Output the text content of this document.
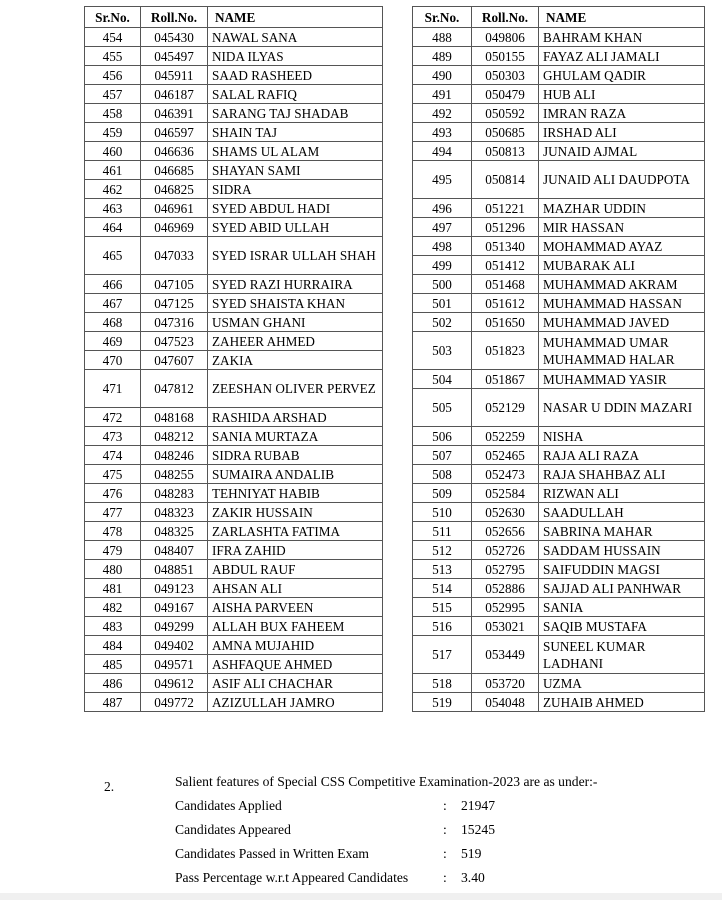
Sr.No.	Roll.No.	NAME
454	045430	NAWAL SANA
455	045497	NIDA ILYAS
456	045911	SAAD RASHEED
457	046187	SALAL RAFIQ
458	046391	SARANG TAJ SHADAB
459	046597	SHAIN TAJ
460	046636	SHAMS UL ALAM
461	046685	SHAYAN SAMI
462	046825	SIDRA
463	046961	SYED ABDUL HADI
464	046969	SYED ABID ULLAH
465	047033	SYED ISRAR ULLAH SHAH
466	047105	SYED RAZI HURRAIRA
467	047125	SYED SHAISTA KHAN
468	047316	USMAN GHANI
469	047523	ZAHEER AHMED
470	047607	ZAKIA
471	047812	ZEESHAN OLIVER PERVEZ
472	048168	RASHIDA ARSHAD
473	048212	SANIA MURTAZA
474	048246	SIDRA RUBAB
475	048255	SUMAIRA ANDALIB
476	048283	TEHNIYAT HABIB
477	048323	ZAKIR HUSSAIN
478	048325	ZARLASHTA FATIMA
479	048407	IFRA ZAHID
480	048851	ABDUL RAUF
481	049123	AHSAN ALI
482	049167	AISHA PARVEEN
483	049299	ALLAH BUX FAHEEM
484	049402	AMNA MUJAHID
485	049571	ASHFAQUE AHMED
486	049612	ASIF ALI CHACHAR
487	049772	AZIZULLAH JAMRO
Sr.No.	Roll.No.	NAME
488	049806	BAHRAM KHAN
489	050155	FAYAZ ALI JAMALI
490	050303	GHULAM QADIR
491	050479	HUB ALI
492	050592	IMRAN RAZA
493	050685	IRSHAD ALI
494	050813	JUNAID AJMAL
495	050814	JUNAID ALI DAUDPOTA
496	051221	MAZHAR UDDIN
497	051296	MIR HASSAN
498	051340	MOHAMMAD AYAZ
499	051412	MUBARAK ALI
500	051468	MUHAMMAD AKRAM
501	051612	MUHAMMAD HASSAN
502	051650	MUHAMMAD JAVED
503	051823	MUHAMMAD UMAR MUHAMMAD HALAR
504	051867	MUHAMMAD YASIR
505	052129	NASAR U DDIN MAZARI
506	052259	NISHA
507	052465	RAJA ALI RAZA
508	052473	RAJA SHAHBAZ ALI
509	052584	RIZWAN ALI
510	052630	SAADULLAH
511	052656	SABRINA MAHAR
512	052726	SADDAM HUSSAIN
513	052795	SAIFUDDIN MAGSI
514	052886	SAJJAD ALI PANHWAR
515	052995	SANIA
516	053021	SAQIB MUSTAFA
517	053449	SUNEEL KUMAR LADHANI
518	053720	UZMA
519	054048	ZUHAIB AHMED
2.	Salient features of Special CSS Competitive Examination-2023 are as under:-
Candidates Applied	: 21947
Candidates Appeared	: 15245
Candidates Passed in Written Exam	: 519
Pass Percentage w.r.t Appeared Candidates	: 3.40
